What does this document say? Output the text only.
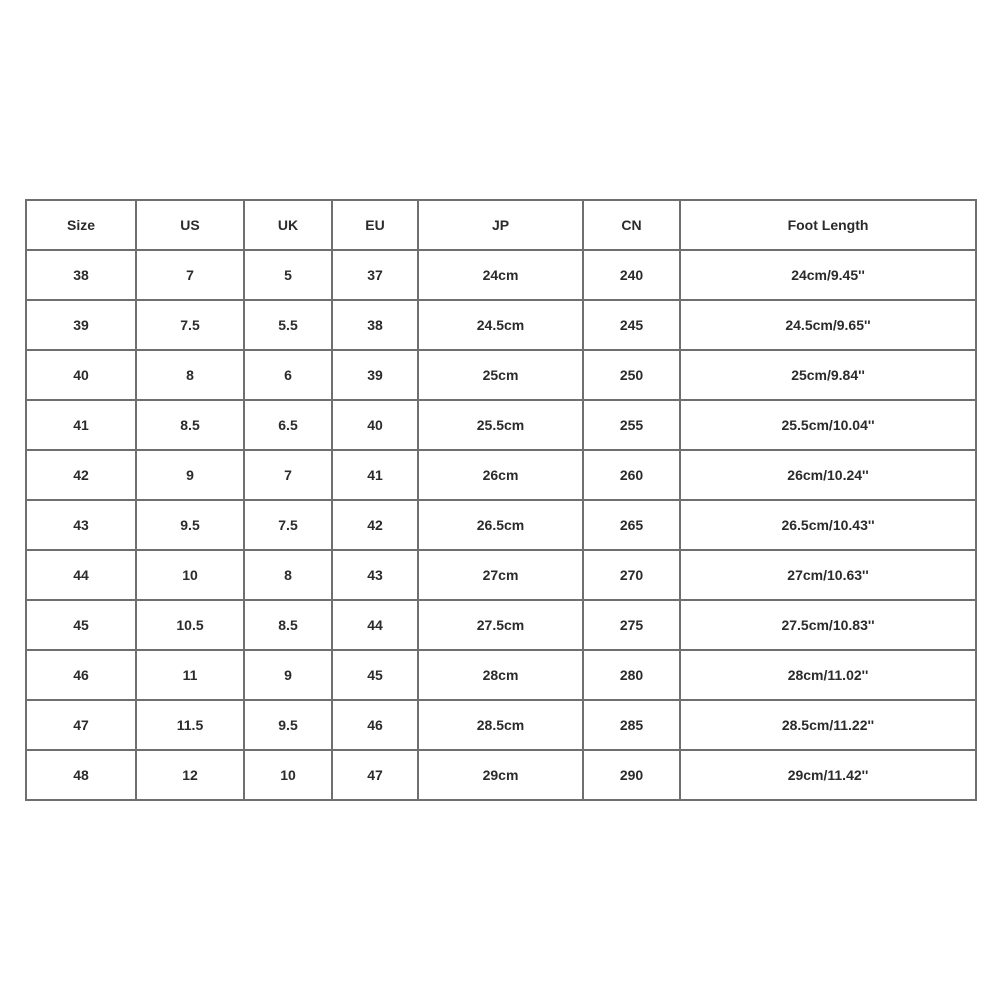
Size	US	UK	EU	JP	CN	Foot Length
38	7	5	37	24cm	240	24cm/9.45''
39	7.5	5.5	38	24.5cm	245	24.5cm/9.65''
40	8	6	39	25cm	250	25cm/9.84''
41	8.5	6.5	40	25.5cm	255	25.5cm/10.04''
42	9	7	41	26cm	260	26cm/10.24''
43	9.5	7.5	42	26.5cm	265	26.5cm/10.43''
44	10	8	43	27cm	270	27cm/10.63''
45	10.5	8.5	44	27.5cm	275	27.5cm/10.83''
46	11	9	45	28cm	280	28cm/11.02''
47	11.5	9.5	46	28.5cm	285	28.5cm/11.22''
48	12	10	47	29cm	290	29cm/11.42''
